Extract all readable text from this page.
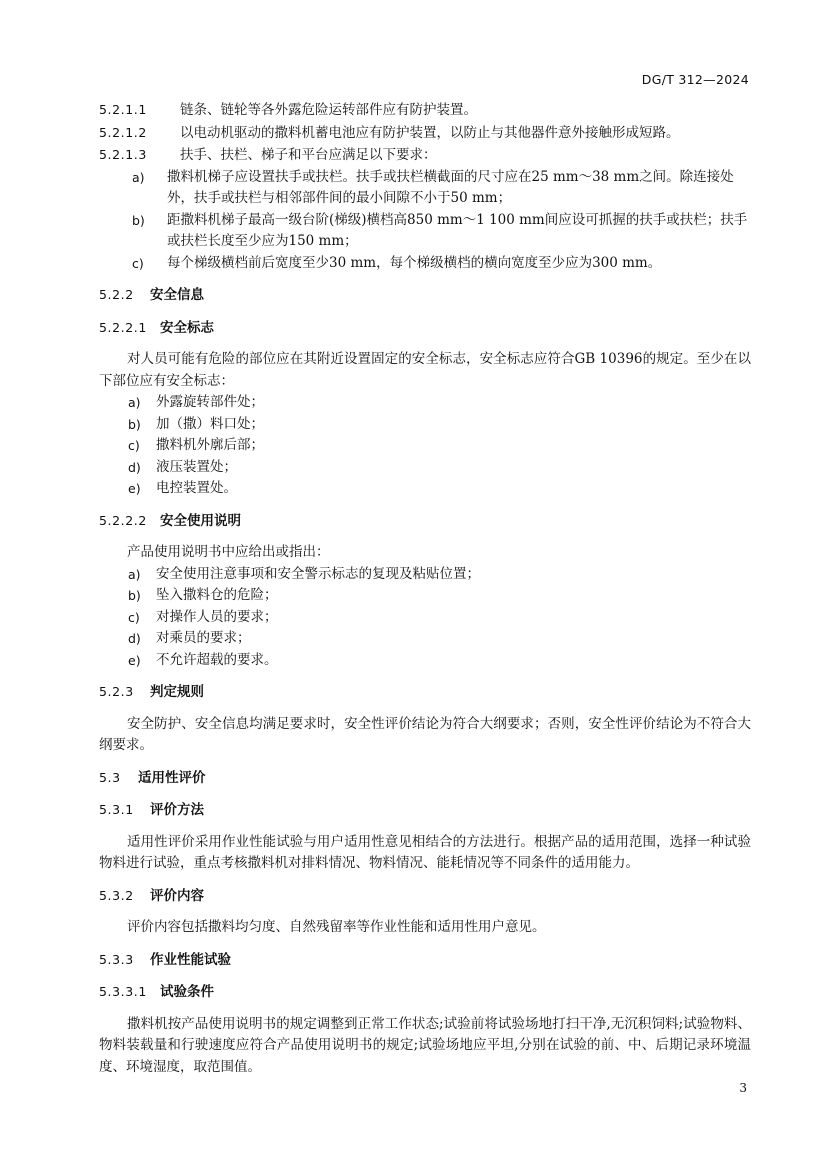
DG/T 312—2024
5.2.1.1 链条、链轮等各外露危险运转部件应有防护装置。
5.2.1.2 以电动机驱动的撒料机蓄电池应有防护装置，以防止与其他器件意外接触形成短路。
5.2.1.3 扶手、扶栏、梯子和平台应满足以下要求：
a) 撒料机梯子应设置扶手或扶栏。扶手或扶栏横截面的尺寸应在25 mm～38 mm之间。除连接处外，扶手或扶栏与相邻部件间的最小间隙不小于50 mm；
b) 距撒料机梯子最高一级台阶(梯级)横档高850 mm～1 100 mm间应设可抓握的扶手或扶栏；扶手或扶栏长度至少应为150 mm；
c) 每个梯级横档前后宽度至少30 mm，每个梯级横档的横向宽度至少应为300 mm。
5.2.2 安全信息
5.2.2.1 安全标志
对人员可能有危险的部位应在其附近设置固定的安全标志，安全标志应符合GB 10396的规定。至少在以下部位应有安全标志：
a) 外露旋转部件处；
b) 加（撒）料口处；
c) 撒料机外廓后部；
d) 液压装置处；
e) 电控装置处。
5.2.2.2 安全使用说明
产品使用说明书中应给出或指出：
a) 安全使用注意事项和安全警示标志的复现及粘贴位置；
b) 坠入撒料仓的危险；
c) 对操作人员的要求；
d) 对乘员的要求；
e) 不允许超载的要求。
5.2.3 判定规则
安全防护、安全信息均满足要求时，安全性评价结论为符合大纲要求；否则，安全性评价结论为不符合大纲要求。
5.3 适用性评价
5.3.1 评价方法
适用性评价采用作业性能试验与用户适用性意见相结合的方法进行。根据产品的适用范围，选择一种试验物料进行试验，重点考核撒料机对排料情况、物料情况、能耗情况等不同条件的适用能力。
5.3.2 评价内容
评价内容包括撒料均匀度、自然残留率等作业性能和适用性用户意见。
5.3.3 作业性能试验
5.3.3.1 试验条件
撒料机按产品使用说明书的规定调整到正常工作状态;试验前将试验场地打扫干净,无沉积饲料;试验物料、物料装载量和行驶速度应符合产品使用说明书的规定;试验场地应平坦,分别在试验的前、中、后期记录环境温度、环境湿度，取范围值。
3
